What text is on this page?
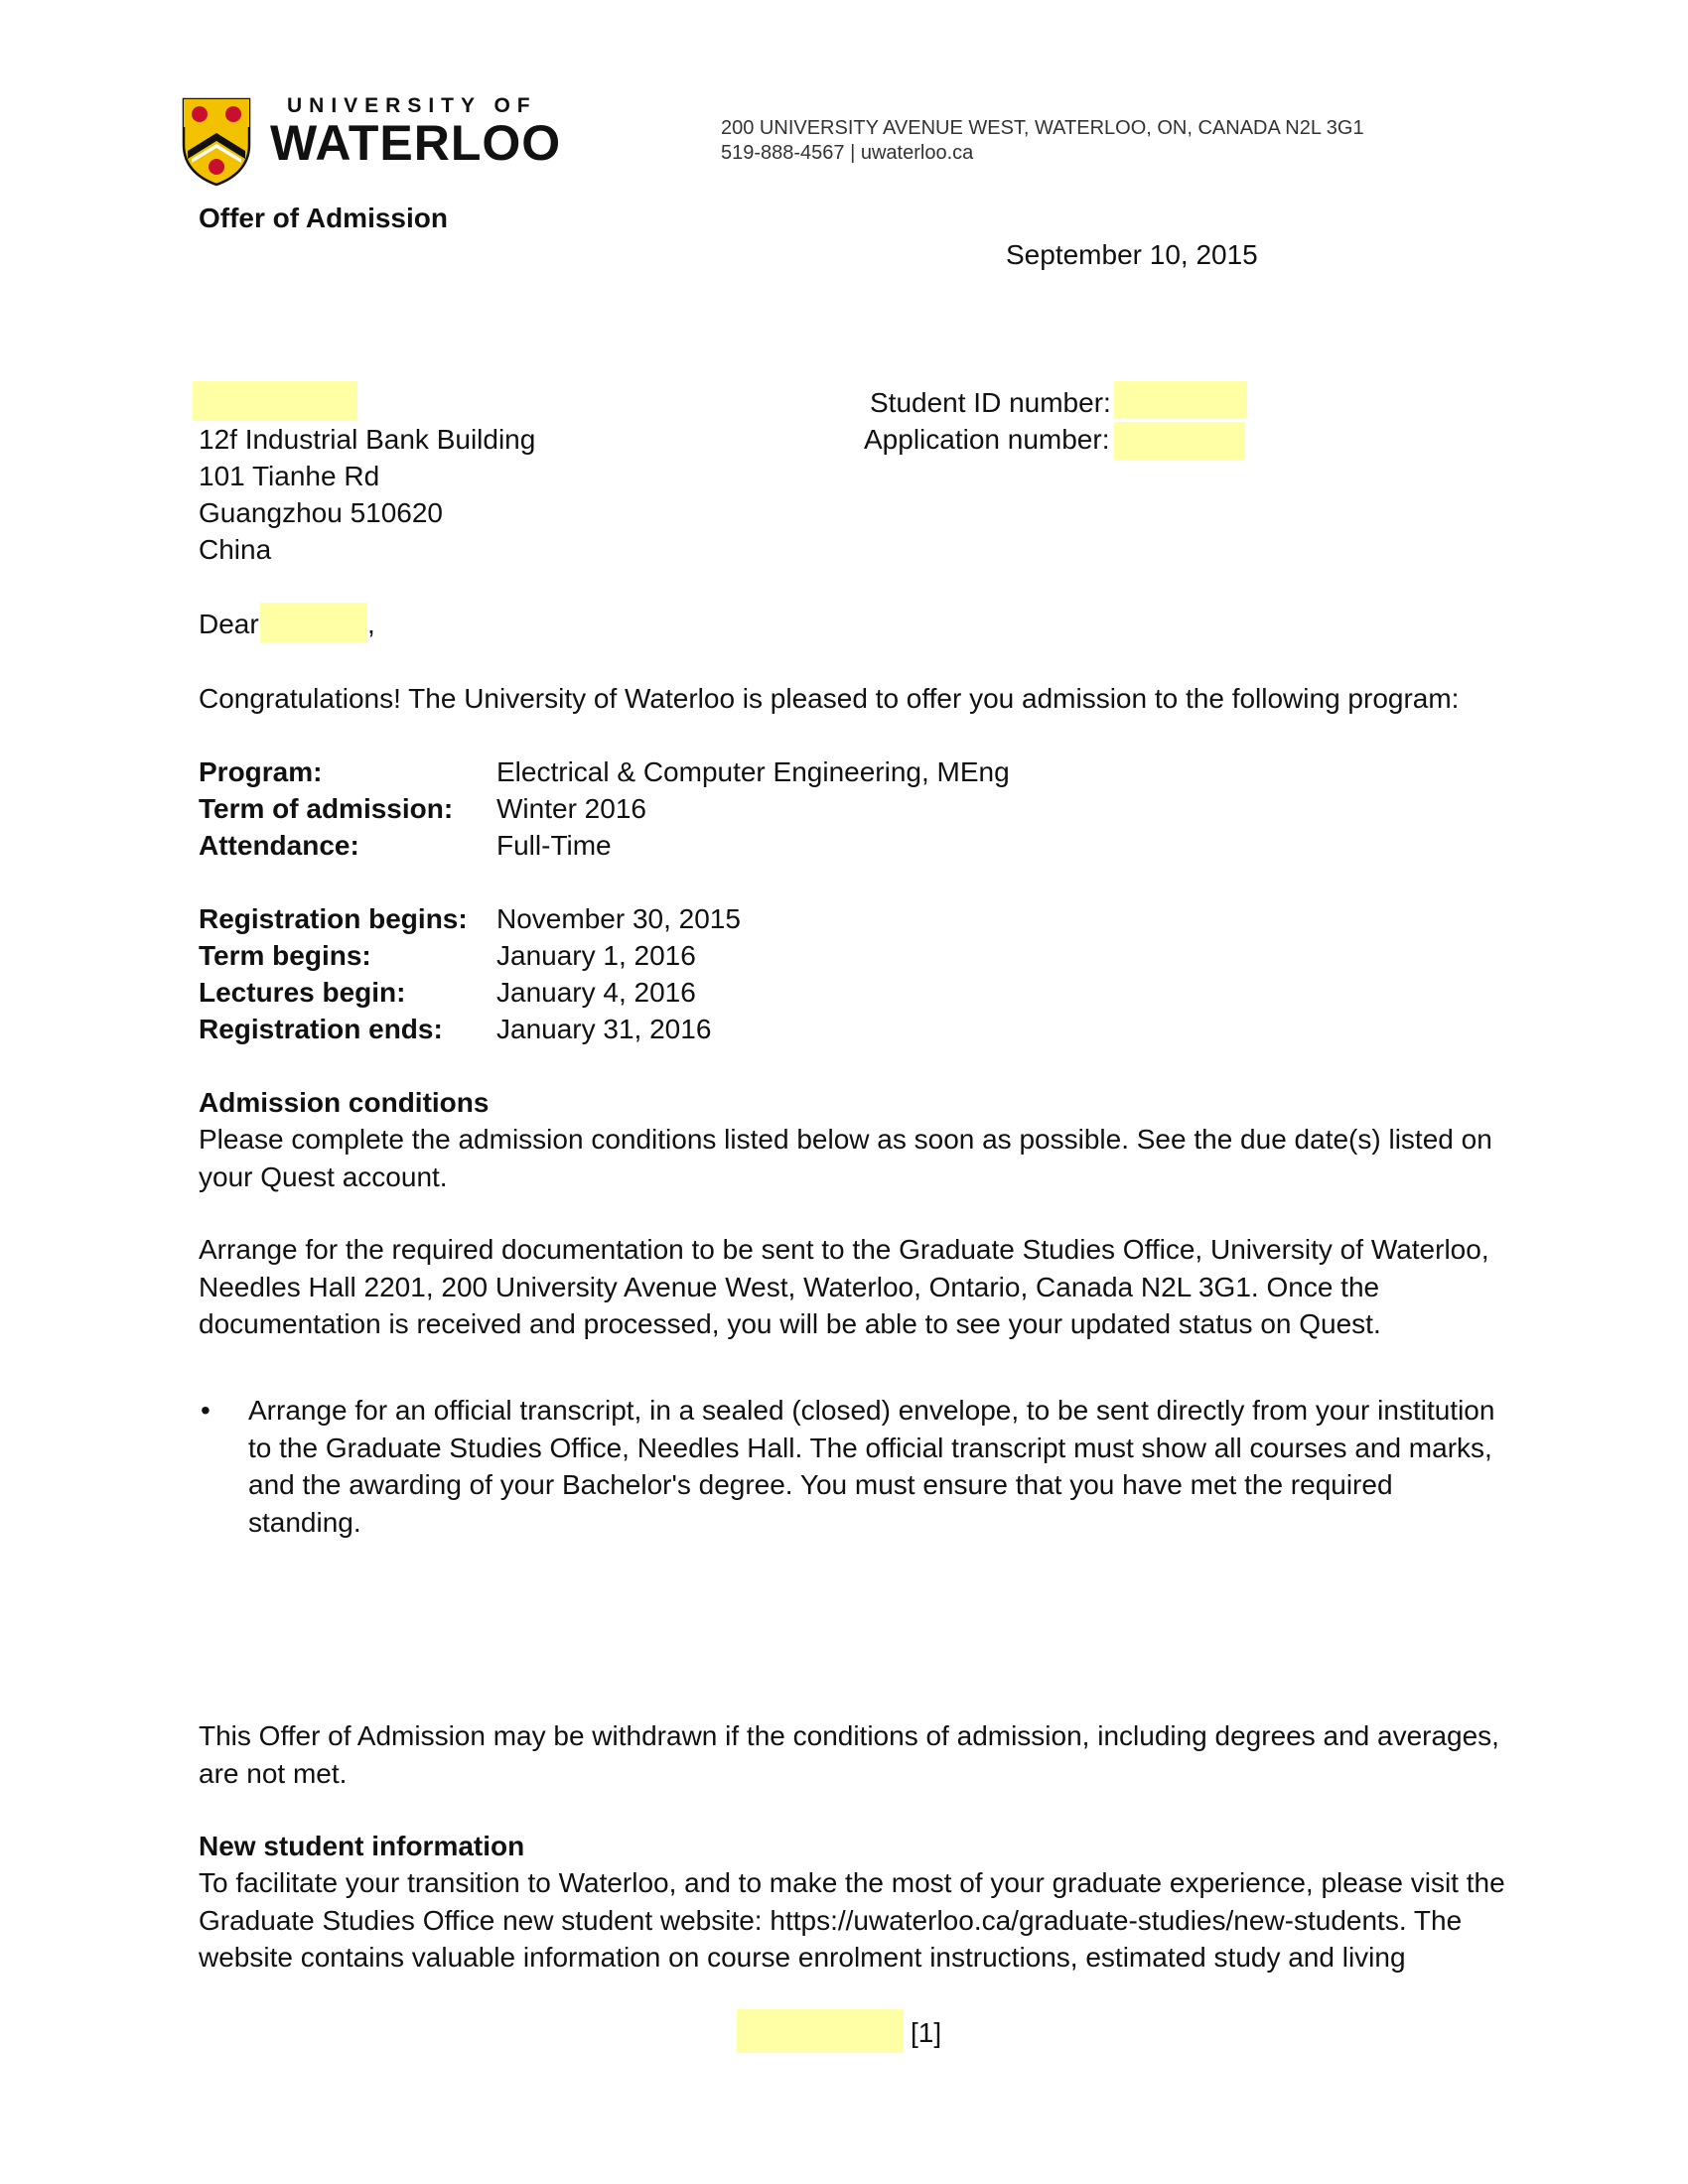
UNIVERSITY OF
WATERLOO	200 UNIVERSITY AVENUE WEST, WATERLOO, ON, CANADA N2L 3G1
519-888-4567 | uwaterloo.ca
Offer of Admission
September 10, 2015
12f Industrial Bank Building
101 Tianhe Rd
Guangzhou 510620
China
Student ID number:
Application number:
Dear	,
Congratulations! The University of Waterloo is pleased to offer you admission to the following program:
Program:	Electrical & Computer Engineering, MEng
Term of admission: Winter 2016
Attendance:	Full-Time
Registration begins: November 30, 2015
Term begins:	January 1, 2016
Lectures begin:	January 4, 2016
Registration ends: January 31, 2016
Admission conditions
Please complete the admission conditions listed below as soon as possible. See the due date(s) listed on your Quest account.
Arrange for the required documentation to be sent to the Graduate Studies Office, University of Waterloo, Needles Hall 2201, 200 University Avenue West, Waterloo, Ontario, Canada N2L 3G1. Once the documentation is received and processed, you will be able to see your updated status on Quest.
• Arrange for an official transcript, in a sealed (closed) envelope, to be sent directly from your institution to the Graduate Studies Office, Needles Hall. The official transcript must show all courses and marks, and the awarding of your Bachelor's degree. You must ensure that you have met the required standing.
This Offer of Admission may be withdrawn if the conditions of admission, including degrees and averages, are not met.
New student information
To facilitate your transition to Waterloo, and to make the most of your graduate experience, please visit the Graduate Studies Office new student website: https://uwaterloo.ca/graduate-studies/new-students. The website contains valuable information on course enrolment instructions, estimated study and living
[1]
